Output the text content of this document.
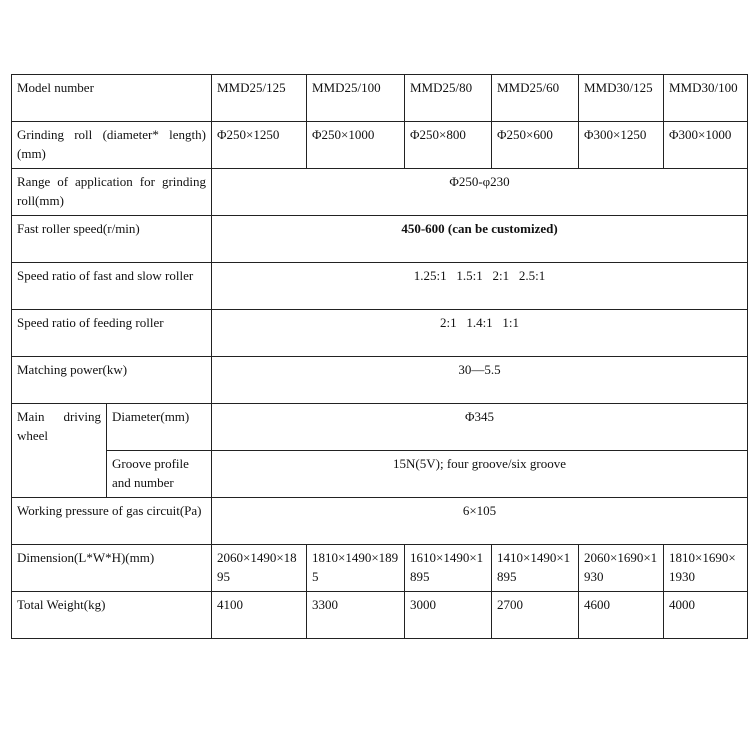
Model number		MMD25/125	MMD25/100	MMD25/80	MMD25/60	MMD30/125	MMD30/100
Grinding roll (diameter* length)(mm)		Φ250×1250	Φ250×1000	Φ250×800	Φ250×600	Φ300×1250	Φ300×1000
Range of application for grinding roll(mm)		Φ250-φ230					
Fast roller speed(r/min)		450-600 (can be customized)					
Speed ratio of fast and slow roller		1.25:1   1.5:1   2:1   2.5:1					
Speed ratio of feeding roller		2:1   1.4:1   1:1					
Matching power(kw)		30—5.5					
Main driving wheel	Diameter(mm)	Φ345					
	Groove profile and number	15N(5V); four groove/six groove					
Working pressure of gas circuit(Pa)		6×105					
Dimension(L*W*H)(mm)		2060×1490×1895	1810×1490×1895	1610×1490×1895	1410×1490×1895	2060×1690×1930	1810×1690×1930
Total Weight(kg)		4100	3300	3000	2700	4600	4000
